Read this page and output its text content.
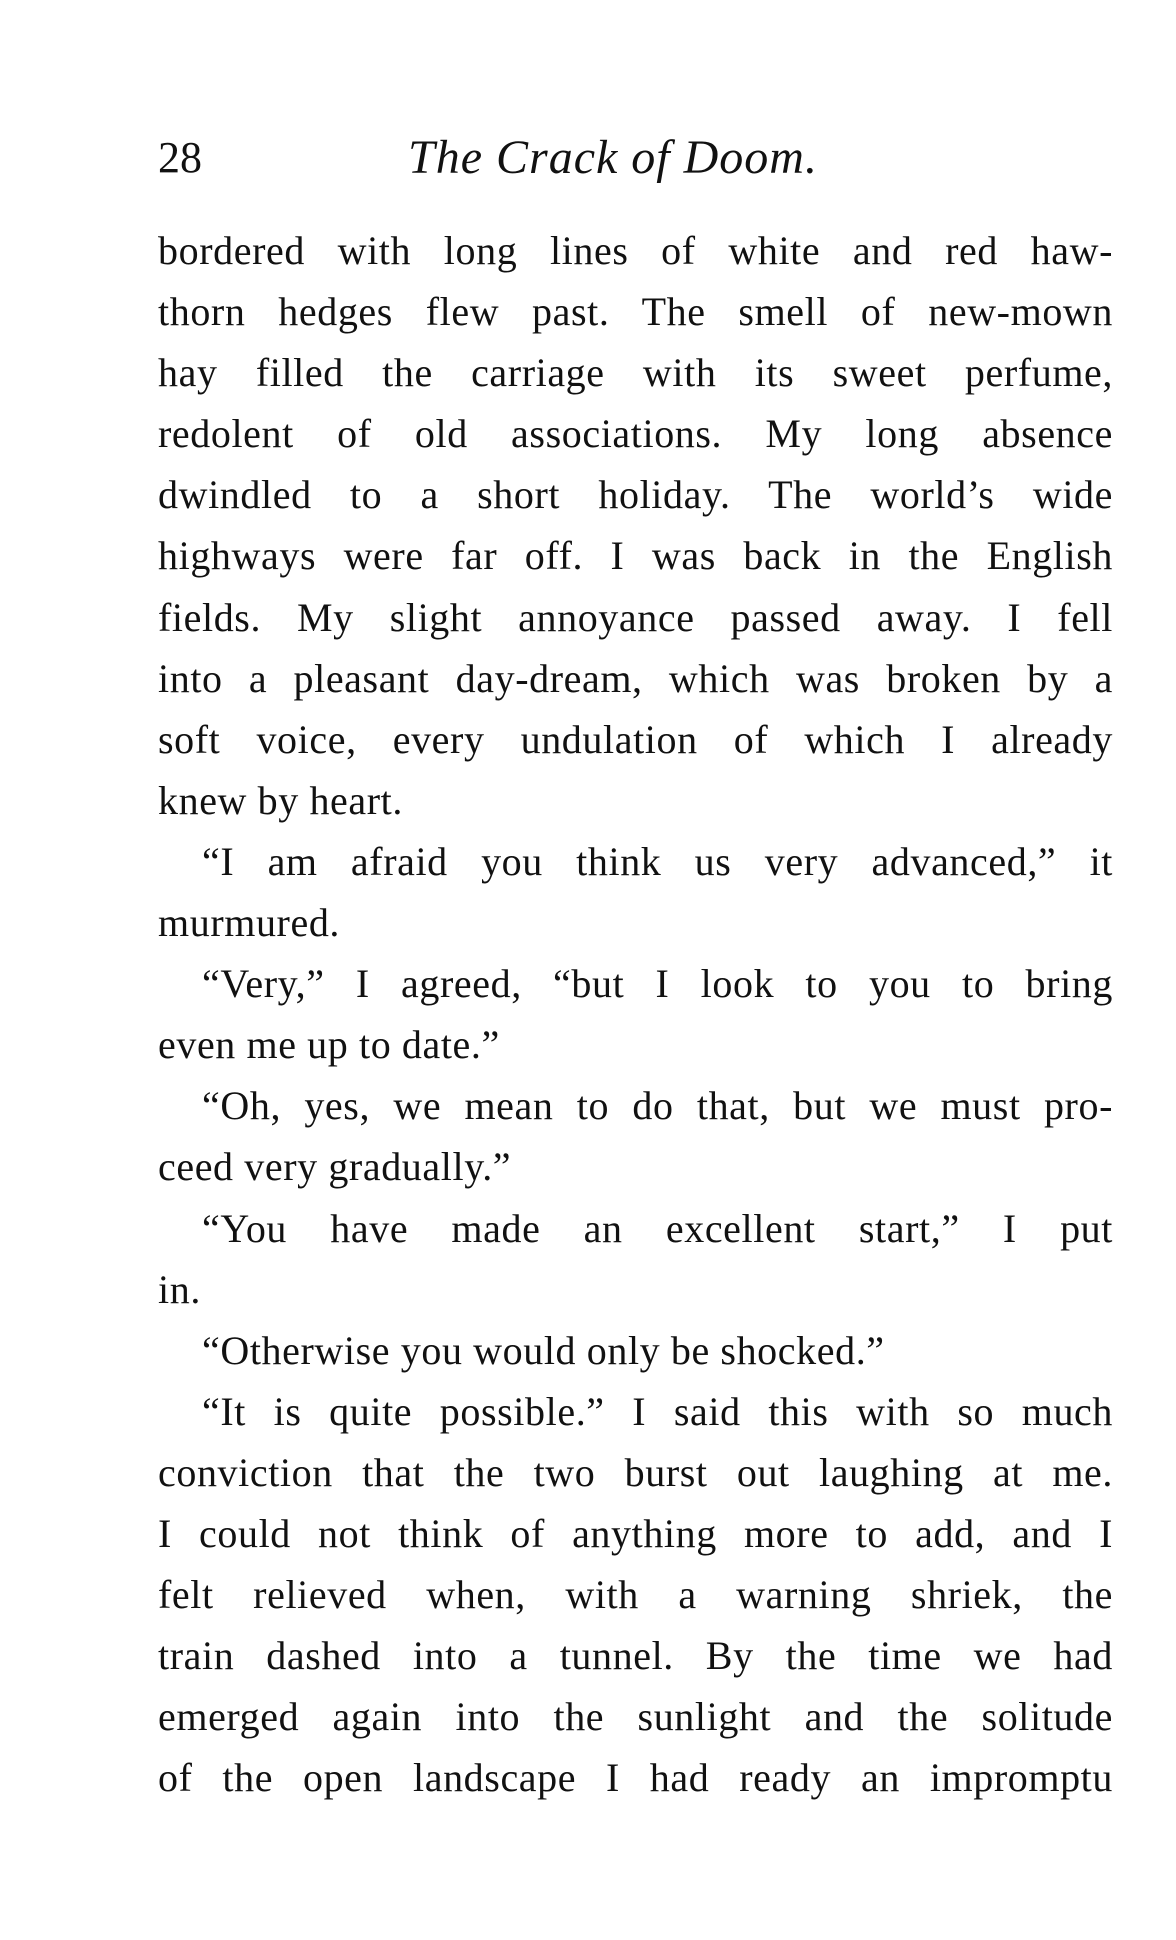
28	The Crack of Doom.
bordered with long lines of white and red haw-
thorn hedges flew past. The smell of new-mown
hay filled the carriage with its sweet perfume,
redolent of old associations. My long absence
dwindled to a short holiday. The world’s wide
highways were far off. I was back in the English
fields. My slight annoyance passed away. I fell
into a pleasant day-dream, which was broken by a
soft voice, every undulation of which I already
knew by heart.
“I am afraid you think us very advanced,” it
murmured.
“Very,” I agreed, “but I look to you to bring
even me up to date.”
“Oh, yes, we mean to do that, but we must pro-
ceed very gradually.”
“You have made an excellent start,” I put
in.
“Otherwise you would only be shocked.”
“It is quite possible.” I said this with so much
conviction that the two burst out laughing at me.
I could not think of anything more to add, and I
felt relieved when, with a warning shriek, the
train dashed into a tunnel. By the time we had
emerged again into the sunlight and the solitude
of the open landscape I had ready an impromptu
